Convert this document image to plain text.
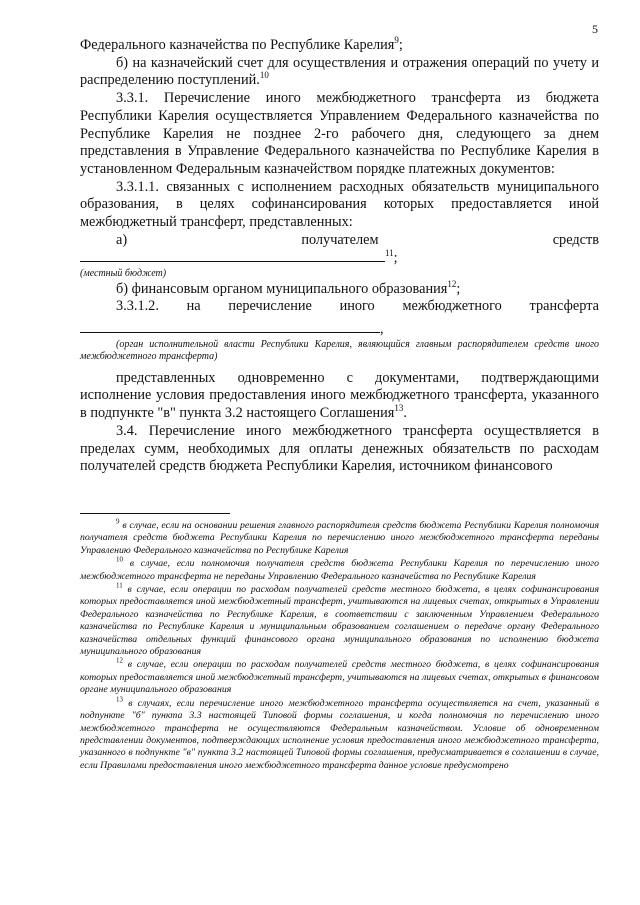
5

Федерального казначейства по Республике Карелия$^9$;

б) на казначейский счет для осуществления и отражения операций по учету и распределению поступлений.$^{10}$

3.3.1. Перечисление иного межбюджетного трансферта из бюджета Республики Карелия осуществляется Управлением Федерального казначейства по Республике Карелия не позднее 2-го рабочего дня, следующего за днем представления в Управление Федерального казначейства по Республике Карелия в установленном Федеральным казначейством порядке платежных документов:

3.3.1.1. связанных с исполнением расходных обязательств муниципального образования, в целях софинансирования которых предоставляется иной межбюджетный трансферт, представленных:

а)	получателем	средств

$^{11}$;

(местный бюджет)

б) финансовым органом муниципального образования$^{12}$;

3.3.1.2. на перечисление иного межбюджетного трансферта

,

(орган исполнительной власти Республики Карелия, являющийся главным распорядителем средств иного межбюджетного трансферта)

представленных одновременно с документами, подтверждающими исполнение условия предоставления иного межбюджетного трансферта, указанного в подпункте "в" пункта 3.2 настоящего Соглашения$^{13}$.

3.4. Перечисление иного межбюджетного трансферта осуществляется в пределах сумм, необходимых для оплаты денежных обязательств по расходам получателей средств бюджета Республики Карелия, источником финансового

$^9$ в случае, если на основании решения главного распорядителя средств бюджета Республики Карелия полномочия получателя средств бюджета Республики Карелия по перечислению иного межбюджетного трансферта переданы Управлению Федерального казначейства по Республике Карелия

$^{10}$ в случае, если полномочия получателя средств бюджета Республики Карелия по перечислению иного межбюджетного трансферта не переданы Управлению Федерального казначейства по Республике Карелия

$^{11}$ в случае, если операции по расходам получателей средств местного бюджета, в целях софинансирования которых предоставляется иной межбюджетный трансферт, учитываются на лицевых счетах, открытых в Управлении Федерального казначейства по Республике Карелия, в соответствии с заключенным Управлением Федерального казначейства по Республике Карелия и муниципальным образованием соглашением о передаче органу Федерального казначейства отдельных функций финансового органа муниципального образования по исполнению бюджета муниципального образования

$^{12}$ в случае, если операции по расходам получателей средств местного бюджета, в целях софинансирования которых предоставляется иной межбюджетный трансферт, учитываются на лицевых счетах, открытых в финансовом органе муниципального образования

$^{13}$ в случаях, если перечисление иного межбюджетного трансферта осуществляется на счет, указанный в подпункте "б" пункта 3.3 настоящей Типовой формы соглашения, и когда полномочия по перечислению иного межбюджетного трансферта не осуществляются Федеральным казначейством. Условие об одновременном представлении документов, подтверждающих исполнение условия предоставления иного межбюджетного трансферта, указанного в подпункте "в" пункта 3.2 настоящей Типовой формы соглашения, предусматривается в соглашении в случае, если Правилами предоставления иного межбюджетного трансферта данное условие предусмотрено
